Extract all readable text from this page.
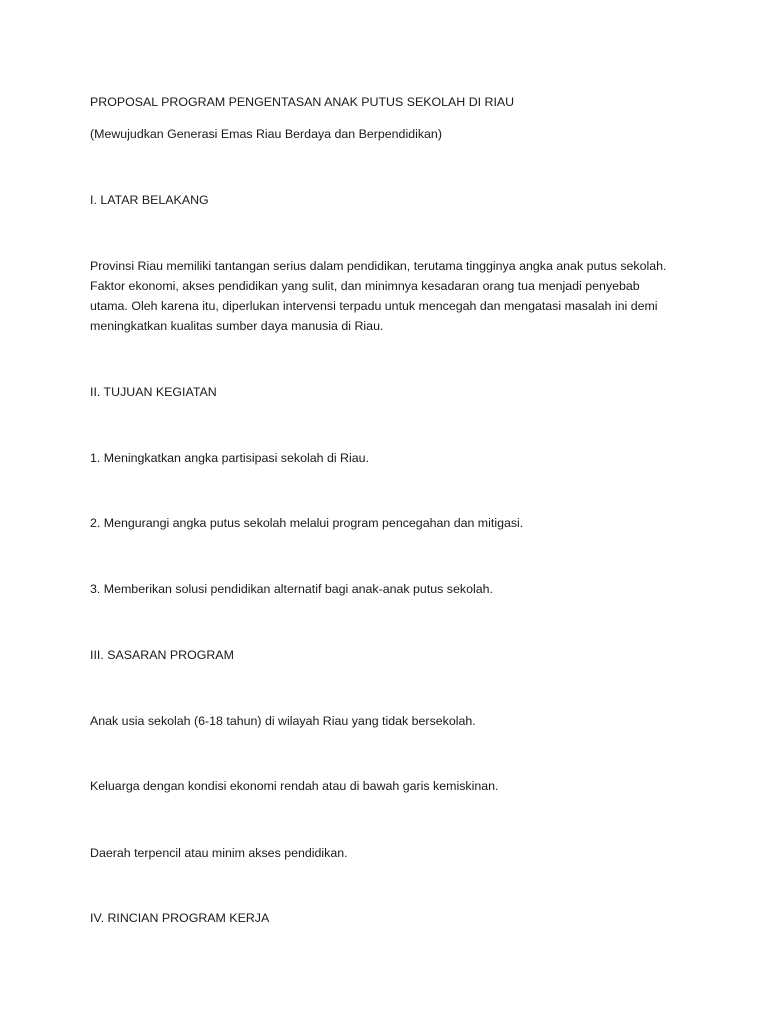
PROPOSAL PROGRAM PENGENTASAN ANAK PUTUS SEKOLAH DI RIAU

(Mewujudkan Generasi Emas Riau Berdaya dan Berpendidikan)

I. LATAR BELAKANG

Provinsi Riau memiliki tantangan serius dalam pendidikan, terutama tingginya angka anak putus sekolah.
Faktor ekonomi, akses pendidikan yang sulit, dan minimnya kesadaran orang tua menjadi penyebab
utama. Oleh karena itu, diperlukan intervensi terpadu untuk mencegah dan mengatasi masalah ini demi
meningkatkan kualitas sumber daya manusia di Riau.

II. TUJUAN KEGIATAN

1. Meningkatkan angka partisipasi sekolah di Riau.

2. Mengurangi angka putus sekolah melalui program pencegahan dan mitigasi.

3. Memberikan solusi pendidikan alternatif bagi anak-anak putus sekolah.

III. SASARAN PROGRAM

Anak usia sekolah (6-18 tahun) di wilayah Riau yang tidak bersekolah.

Keluarga dengan kondisi ekonomi rendah atau di bawah garis kemiskinan.

Daerah terpencil atau minim akses pendidikan.

IV. RINCIAN PROGRAM KERJA
